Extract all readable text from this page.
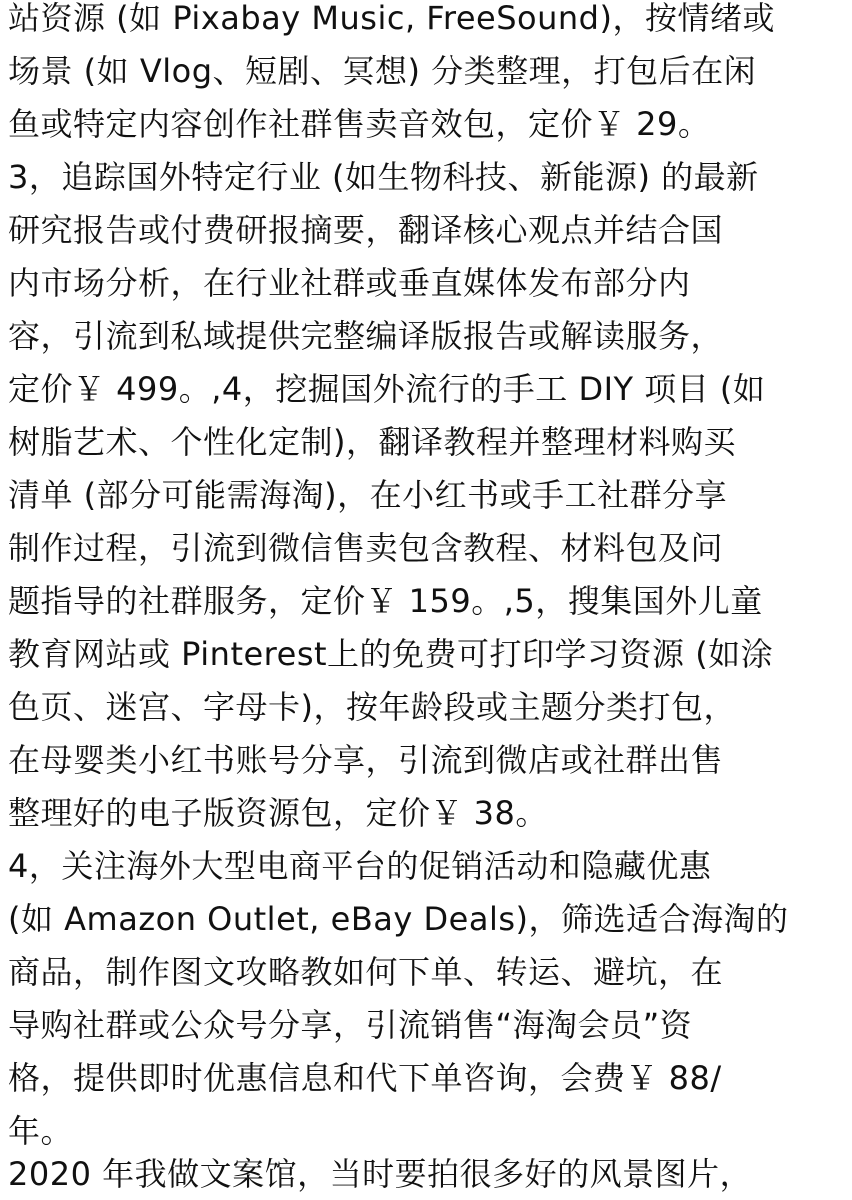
站资源 (如 Pixabay Music, FreeSound)，按情绪或
场景 (如 Vlog、短剧、冥想) 分类整理，打包后在闲
鱼或特定内容创作社群售卖音效包，定价￥ 29。
3，追踪国外特定行业 (如生物科技、新能源) 的最新
研究报告或付费研报摘要，翻译核心观点并结合国
内市场分析，在行业社群或垂直媒体发布部分内
容，引流到私域提供完整编译版报告或解读服务，
定价￥ 499。,4，挖掘国外流行的手工 DIY 项目 (如
树脂艺术、个性化定制)，翻译教程并整理材料购买
清单 (部分可能需海淘)，在小红书或手工社群分享
制作过程，引流到微信售卖包含教程、材料包及问
题指导的社群服务，定价￥ 159。,5，搜集国外儿童
教育网站或 Pinterest上的免费可打印学习资源 (如涂
色页、迷宫、字母卡)，按年龄段或主题分类打包，
在母婴类小红书账号分享，引流到微店或社群出售
整理好的电子版资源包，定价￥ 38。
4，关注海外大型电商平台的促销活动和隐藏优惠
(如 Amazon Outlet, eBay Deals)，筛选适合海淘的
商品，制作图文攻略教如何下单、转运、避坑，在
导购社群或公众号分享，引流销售“海淘会员”资
格，提供即时优惠信息和代下单咨询，会费￥ 88/
年。
2020 年我做文案馆，当时要拍很多好的风景图片，
